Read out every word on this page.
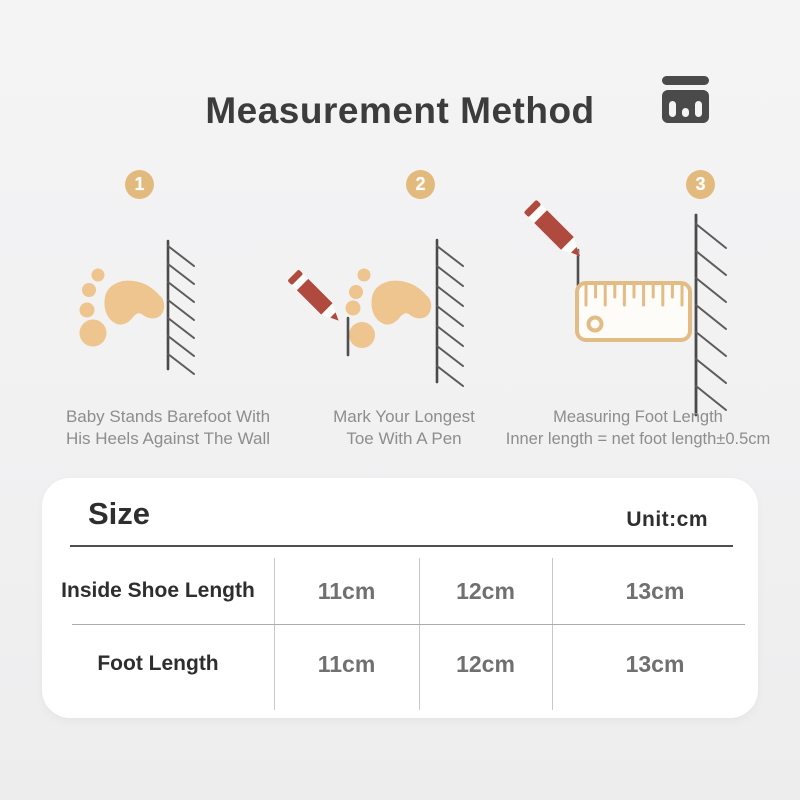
Measurement Method
1	2	3
Baby Stands Barefoot With
His Heels Against The Wall
Mark Your Longest
Toe With A Pen
Measuring Foot Length
Inner length = net foot length±0.5cm
Size	Unit:cm
Inside Shoe Length	11cm	12cm	13cm
Foot Length	11cm	12cm	13cm
